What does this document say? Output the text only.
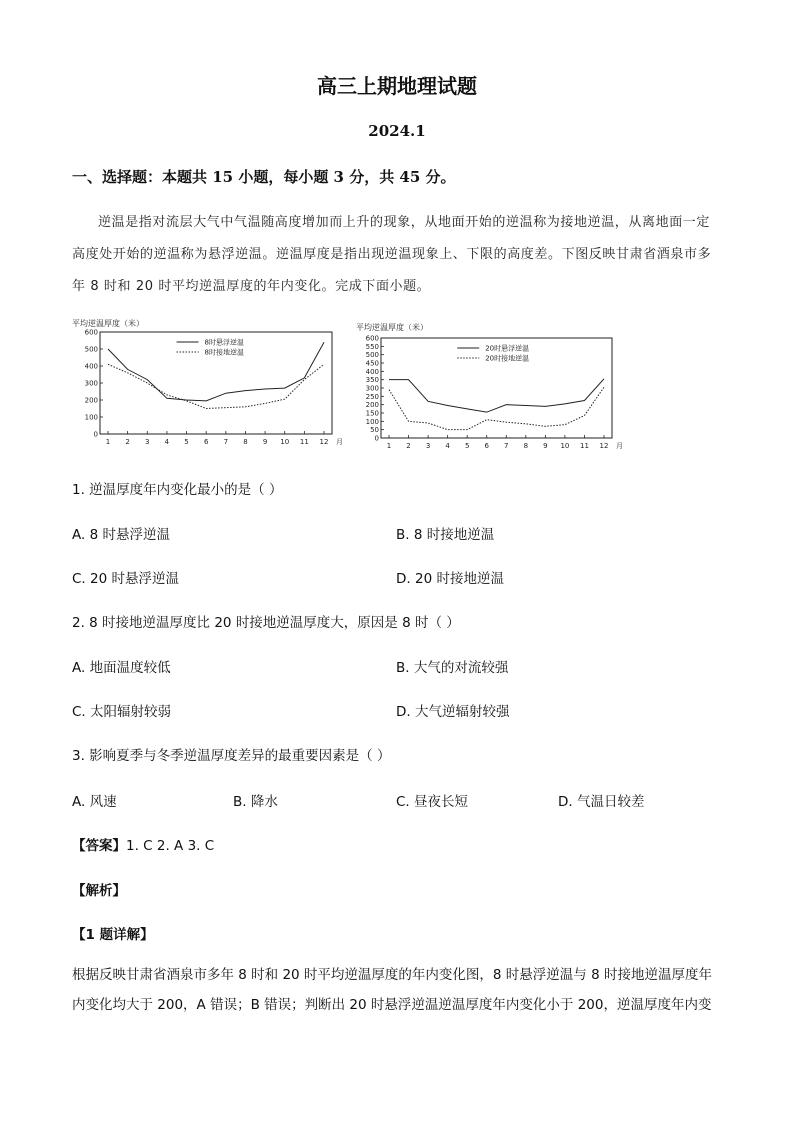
高三上期地理试题
2024.1
一、选择题：本题共 15 小题，每小题 3 分，共 45 分。
逆温是指对流层大气中气温随高度增加而上升的现象，从地面开始的逆温称为接地逆温，从离地面一定高度处开始的逆温称为悬浮逆温。逆温厚度是指出现逆温现象上、下限的高度差。下图反映甘肃省酒泉市多年 8 时和 20 时平均逆温厚度的年内变化。完成下面小题。
平均逆温厚度（米）
0
100
200
300
400
500
600
1 2 3 4 5 6 7 8 9 10 11 12 月
8时悬浮逆温
8时接地逆温
平均逆温厚度（米）
0
50
100
150
200
250
300
350
400
450
500
550
600
1 2 3 4 5 6 7 8 9 10 11 12 月
20时悬浮逆温
20时接地逆温
1. 逆温厚度年内变化最小的是（ ）
A. 8 时悬浮逆温	B. 8 时接地逆温
C. 20 时悬浮逆温	D. 20 时接地逆温
2. 8 时接地逆温厚度比 20 时接地逆温厚度大，原因是 8 时（ ）
A. 地面温度较低	B. 大气的对流较强
C. 太阳辐射较弱	D. 大气逆辐射较强
3. 影响夏季与冬季逆温厚度差异的最重要因素是（ ）
A. 风速	B. 降水	C. 昼夜长短	D. 气温日较差
【答案】1. C 2. A 3. C
【解析】
【1 题详解】
根据反映甘肃省酒泉市多年 8 时和 20 时平均逆温厚度的年内变化图，8 时悬浮逆温与 8 时接地逆温厚度年内变化均大于 200，A 错误；B 错误；判断出 20 时悬浮逆温逆温厚度年内变化小于 200，逆温厚度年内变
